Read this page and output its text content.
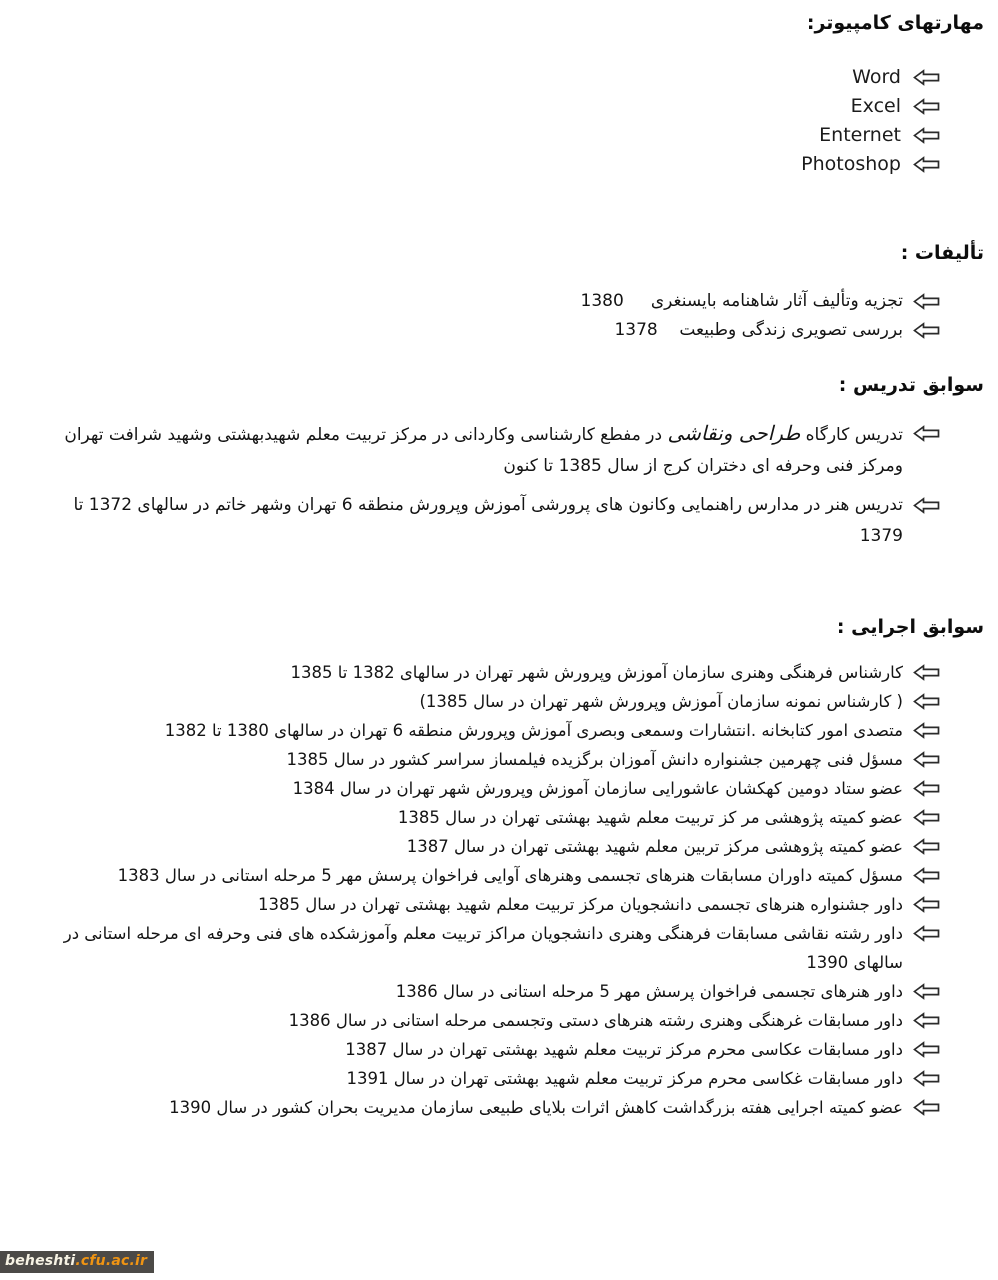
مهارتهای کامپیوتر:
Word
Excel
Enternet
Photoshop
تألیفات :
تجزیه وتألیف آثار شاهنامه بایسنغری     1380
بررسی تصویری زندگی وطبیعت    1378
سوابق تدریس :
تدریس کارگاه طراحی ونقاشی در مفطع کارشناسی وکاردانی در مرکز تربیت معلم شهیدبهشتی وشهید شرافت تهران ومرکز فنی وحرفه ای دختران کرج از سال 1385 تا کنون
تدریس هنر در مدارس راهنمایی وکانون های پرورشی آموزش وپرورش منطقه 6 تهران وشهر خاتم در سالهای 1372 تا 1379
سوابق اجرایی :
کارشناس فرهنگی وهنری سازمان آموزش وپرورش شهر تهران در سالهای 1382 تا 1385
( کارشناس نمونه سازمان آموزش وپرورش شهر تهران در سال 1385)
متصدی امور کتابخانه .انتشارات وسمعی وبصری آموزش وپرورش منطقه 6 تهران در سالهای 1380 تا 1382
مسؤل فنی چهرمین جشنواره دانش آموزان برگزیده فیلمساز سراسر کشور در سال 1385
عضو ستاد دومین کهکشان عاشورایی سازمان آموزش وپرورش شهر تهران در سال 1384
عضو کمیته پژوهشی مر کز تربیت معلم شهید بهشتی تهران در سال 1385
عضو کمیته پژوهشی مرکز تربین معلم شهید بهشتی تهران در سال 1387
مسؤل کمیته داوران مسابقات هنرهای تجسمی وهنرهای آوایی فراخوان پرسش مهر 5 مرحله استانی در سال 1383
داور جشنواره هنرهای تجسمی دانشجویان مرکز تربیت معلم شهید بهشتی تهران در سال 1385
داور رشته نقاشی مسابقات فرهنگی وهنری دانشجویان مراکز تربیت معلم وآموزشکده های فنی وحرفه ای مرحله استانی در سالهای 1390
داور هنرهای تجسمی فراخوان پرسش مهر 5 مرحله استانی در سال 1386
داور مسابقات غرهنگی وهنری رشته هنرهای دستی وتجسمی مرحله استانی در سال 1386
داور مسابقات عکاسی محرم مرکز تربیت معلم شهید بهشتی تهران در سال 1387
داور مسابقات غکاسی محرم مرکز تربیت معلم شهید بهشتی تهران در سال 1391
عضو کمیته اجرایی هفته بزرگداشت کاهش اثرات بلایای طبیعی سازمان مدیریت بحران کشور در سال 1390
beheshti.cfu.ac.ir
